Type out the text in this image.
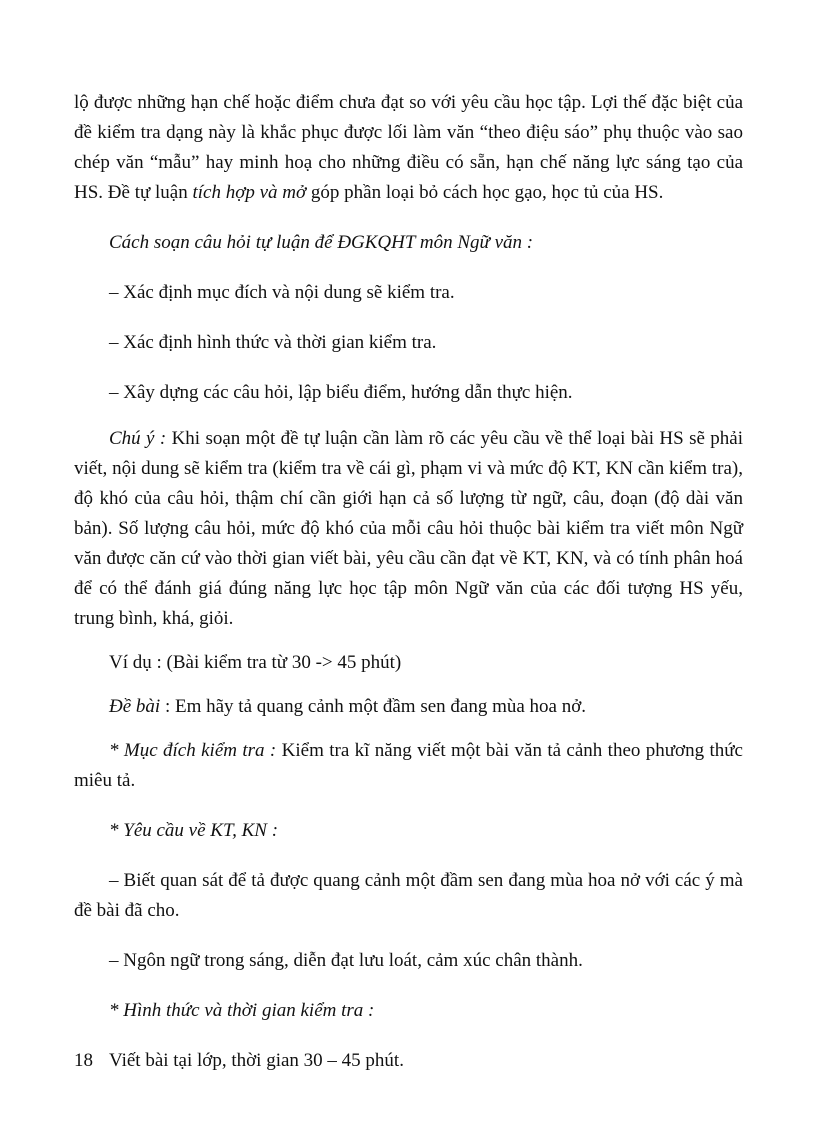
lộ được những hạn chế hoặc điểm chưa đạt so với yêu cầu học tập. Lợi thế đặc biệt của đề kiểm tra dạng này là khắc phục được lối làm văn “theo điệu sáo” phụ thuộc vào sao chép văn “mẫu” hay minh hoạ cho những điều có sẵn, hạn chế năng lực sáng tạo của HS. Đề tự luận tích hợp và mở góp phần loại bỏ cách học gạo, học tủ của HS.

Cách soạn câu hỏi tự luận để ĐGKQHT môn Ngữ văn :

– Xác định mục đích và nội dung sẽ kiểm tra.

– Xác định hình thức và thời gian kiểm tra.

– Xây dựng các câu hỏi, lập biểu điểm, hướng dẫn thực hiện.

Chú ý : Khi soạn một đề tự luận cần làm rõ các yêu cầu về thể loại bài HS sẽ phải viết, nội dung sẽ kiểm tra (kiểm tra về cái gì, phạm vi và mức độ KT, KN cần kiểm tra), độ khó của câu hỏi, thậm chí cần giới hạn cả số lượng từ ngữ, câu, đoạn (độ dài văn bản). Số lượng câu hỏi, mức độ khó của mỗi câu hỏi thuộc bài kiểm tra viết môn Ngữ văn được căn cứ vào thời gian viết bài, yêu cầu cần đạt về KT, KN, và có tính phân hoá để có thể đánh giá đúng năng lực học tập môn Ngữ văn của các đối tượng HS yếu, trung bình, khá, giỏi.

Ví dụ : (Bài kiểm tra từ 30 -> 45 phút)

Đề bài : Em hãy tả quang cảnh một đầm sen đang mùa hoa nở.

* Mục đích kiểm tra : Kiểm tra kĩ năng viết một bài văn tả cảnh theo phương thức miêu tả.

* Yêu cầu về KT, KN :

– Biết quan sát để tả được quang cảnh một đầm sen đang mùa hoa nở với các ý mà đề bài đã cho.

– Ngôn ngữ trong sáng, diễn đạt lưu loát, cảm xúc chân thành.

* Hình thức và thời gian kiểm tra :

Viết bài tại lớp, thời gian 30 – 45 phút.

18
